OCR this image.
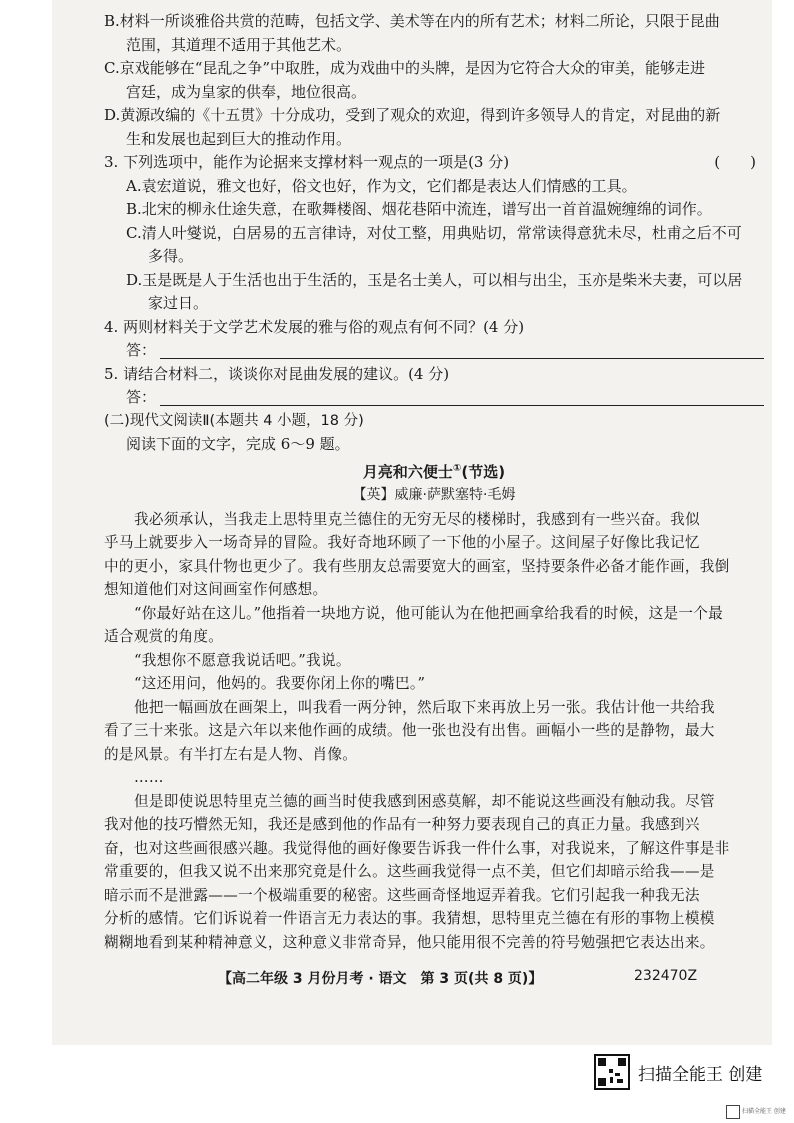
B.材料一所谈雅俗共赏的范畴，包括文学、美术等在内的所有艺术；材料二所论，只限于昆曲
范围，其道理不适用于其他艺术。
C.京戏能够在“昆乱之争”中取胜，成为戏曲中的头牌，是因为它符合大众的审美，能够走进
宫廷，成为皇家的供奉，地位很高。
D.黄源改编的《十五贯》十分成功，受到了观众的欢迎，得到许多领导人的肯定，对昆曲的新
生和发展也起到巨大的推动作用。
3. 下列选项中，能作为论据来支撑材料一观点的一项是(3 分)	(　　)
A.袁宏道说，雅文也好，俗文也好，作为文，它们都是表达人们情感的工具。
B.北宋的柳永仕途失意，在歌舞楼阁、烟花巷陌中流连，谱写出一首首温婉缠绵的词作。
C.清人叶燮说，白居易的五言律诗，对仗工整，用典贴切，常常读得意犹未尽，杜甫之后不可
多得。
D.玉是既是人于生活也出于生活的，玉是名士美人，可以相与出尘，玉亦是柴米夫妻，可以居
家过日。
4. 两则材料关于文学艺术发展的雅与俗的观点有何不同？(4 分)
答：
5. 请结合材料二，谈谈你对昆曲发展的建议。(4 分)
答：
(二)现代文阅读Ⅱ(本题共 4 小题，18 分)
阅读下面的文字，完成 6～9 题。
月亮和六便士①(节选)
【英】威廉·萨默塞特·毛姆
我必须承认，当我走上思特里克兰德住的无穷无尽的楼梯时，我感到有一些兴奋。我似
乎马上就要步入一场奇异的冒险。我好奇地环顾了一下他的小屋子。这间屋子好像比我记忆
中的更小，家具什物也更少了。我有些朋友总需要宽大的画室，坚持要条件必备才能作画，我倒
想知道他们对这间画室作何感想。
“你最好站在这儿。”他指着一块地方说，他可能认为在他把画拿给我看的时候，这是一个最
适合观赏的角度。
“我想你不愿意我说话吧。”我说。
“这还用问，他妈的。我要你闭上你的嘴巴。”
他把一幅画放在画架上，叫我看一两分钟，然后取下来再放上另一张。我估计他一共给我
看了三十来张。这是六年以来他作画的成绩。他一张也没有出售。画幅小一些的是静物，最大
的是风景。有半打左右是人物、肖像。
……
但是即使说思特里克兰德的画当时使我感到困惑莫解，却不能说这些画没有触动我。尽管
我对他的技巧懵然无知，我还是感到他的作品有一种努力要表现自己的真正力量。我感到兴
奋，也对这些画很感兴趣。我觉得他的画好像要告诉我一件什么事，对我说来，了解这件事是非
常重要的，但我又说不出来那究竟是什么。这些画我觉得一点不美，但它们却暗示给我——是
暗示而不是泄露——一个极端重要的秘密。这些画奇怪地逗弄着我。它们引起我一种我无法
分析的感情。它们诉说着一件语言无力表达的事。我猜想，思特里克兰德在有形的事物上模模
糊糊地看到某种精神意义，这种意义非常奇异，他只能用很不完善的符号勉强把它表达出来。
【高二年级 3 月份月考 · 语文　第 3 页(共 8 页)】	232470Z
扫描全能王 创建
扫描全能王 创建
